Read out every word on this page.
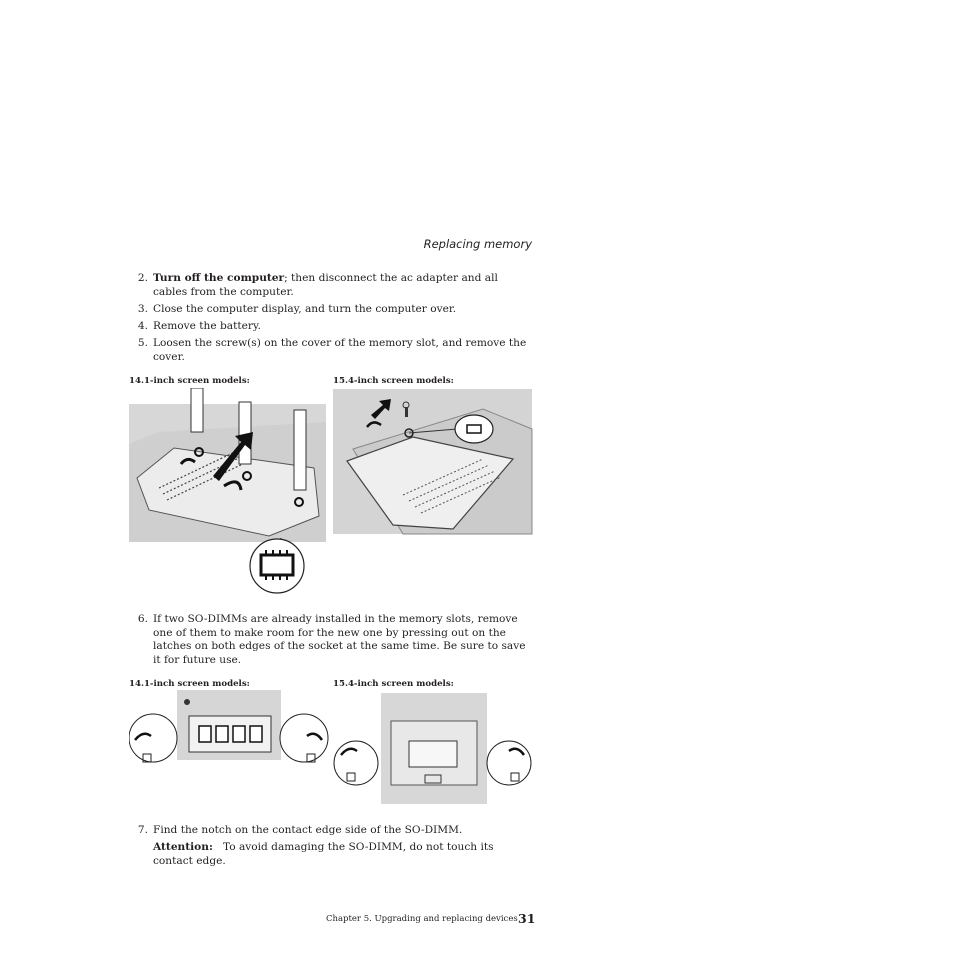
Replacing memory
2. Turn off the computer; then disconnect the ac adapter and all cables from the computer.
3. Close the computer display, and turn the computer over.
4. Remove the battery.
5. Loosen the screw(s) on the cover of the memory slot, and remove the cover.
14.1-inch screen models:	15.4-inch screen models:
6. If two SO-DIMMs are already installed in the memory slots, remove one of them to make room for the new one by pressing out on the latches on both edges of the socket at the same time. Be sure to save it for future use.
14.1-inch screen models:	15.4-inch screen models:
7. Find the notch on the contact edge side of the SO-DIMM.
Attention: To avoid damaging the SO-DIMM, do not touch its contact edge.
Chapter 5. Upgrading and replacing devices 31
